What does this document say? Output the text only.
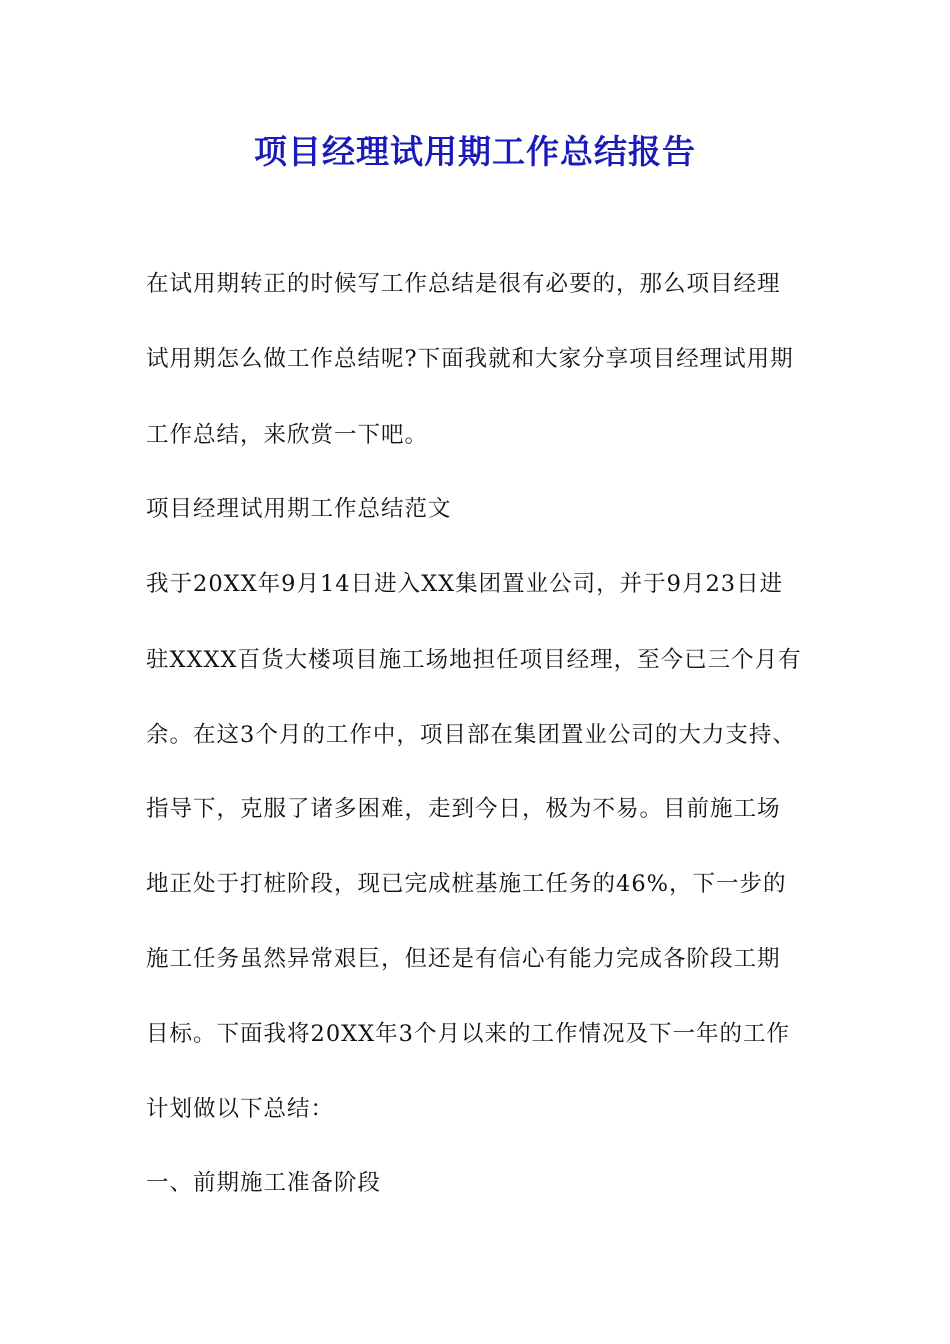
项目经理试用期工作总结报告
在试用期转正的时候写工作总结是很有必要的，那么项目经理
试用期怎么做工作总结呢?下面我就和大家分享项目经理试用期
工作总结，来欣赏一下吧。
项目经理试用期工作总结范文
我于20XX年9月14日进入XX集团置业公司，并于9月23日进
驻XXXX百货大楼项目施工场地担任项目经理，至今已三个月有
余。在这3个月的工作中，项目部在集团置业公司的大力支持、
指导下，克服了诸多困难，走到今日，极为不易。目前施工场
地正处于打桩阶段，现已完成桩基施工任务的46%，下一步的
施工任务虽然异常艰巨，但还是有信心有能力完成各阶段工期
目标。下面我将20XX年3个月以来的工作情况及下一年的工作
计划做以下总结：
一、前期施工准备阶段
